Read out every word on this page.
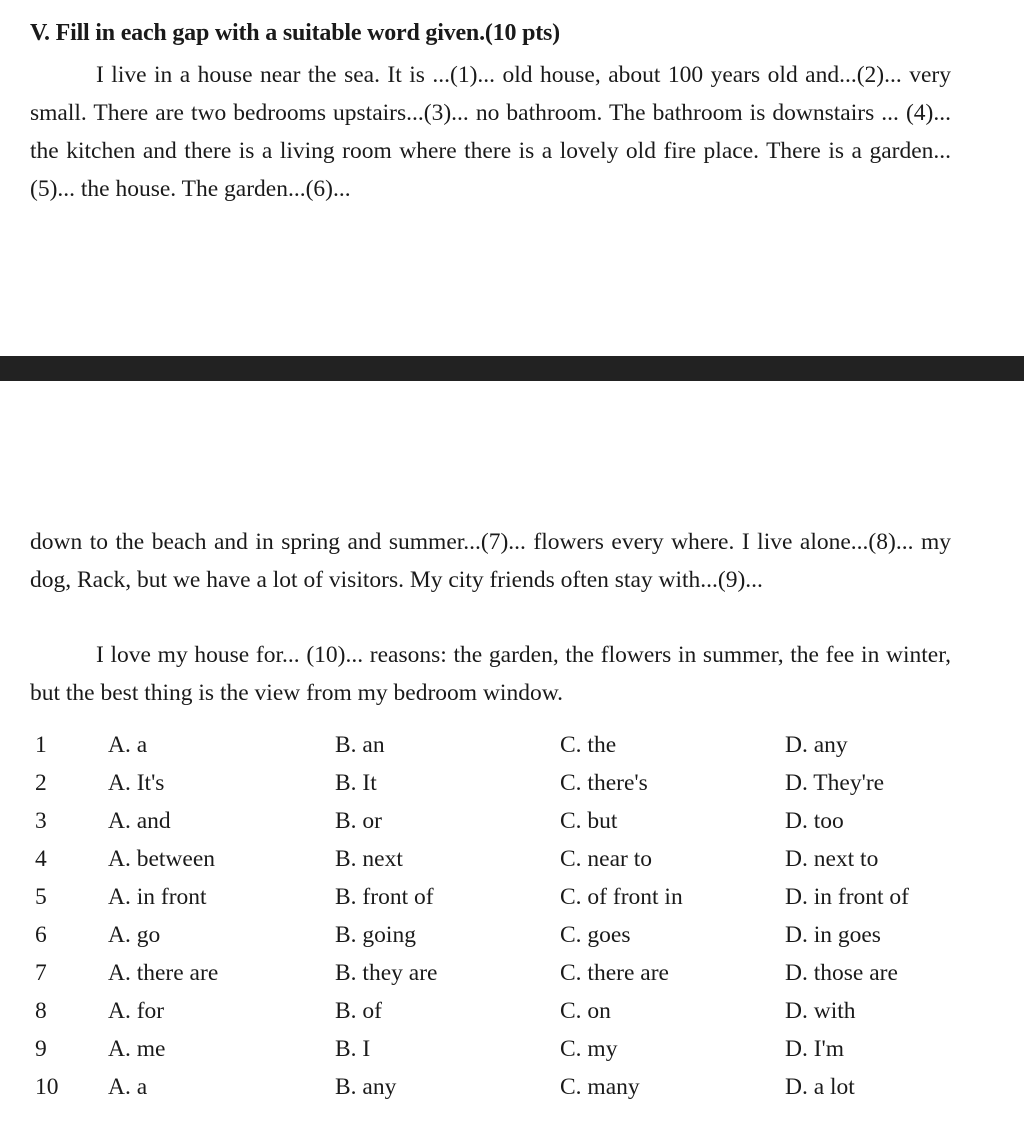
V. Fill in each gap with a suitable word given.(10 pts)

I live in a house near the sea. It is ...(1)... old house, about 100 years old and...(2)... very small. There are two bedrooms upstairs...(3)... no bathroom. The bathroom is downstairs ... (4)... the kitchen and there is a living room where there is a lovely old fire place. There is a garden...(5)... the house. The garden...(6)...

down to the beach and in spring and summer...(7)... flowers every where. I live alone...(8)... my dog, Rack, but we have a lot of visitors. My city friends often stay with...(9)...

I love my house for... (10)... reasons: the garden, the flowers in summer, the fee in winter, but the best thing is the view from my bedroom window.

1	A. a	B. an	C. the	D. any
2	A. It's	B. It	C. there's	D. They're
3	A. and	B. or	C. but	D. too
4	A. between	B. next	C. near to	D. next to
5	A. in front	B. front of	C. of front in	D. in front of
6	A. go	B. going	C. goes	D. in goes
7	A. there are	B. they are	C. there are	D. those are
8	A. for	B. of	C. on	D. with
9	A. me	B. I	C. my	D. I'm
10 A. a	B. any	C. many	D. a lot
